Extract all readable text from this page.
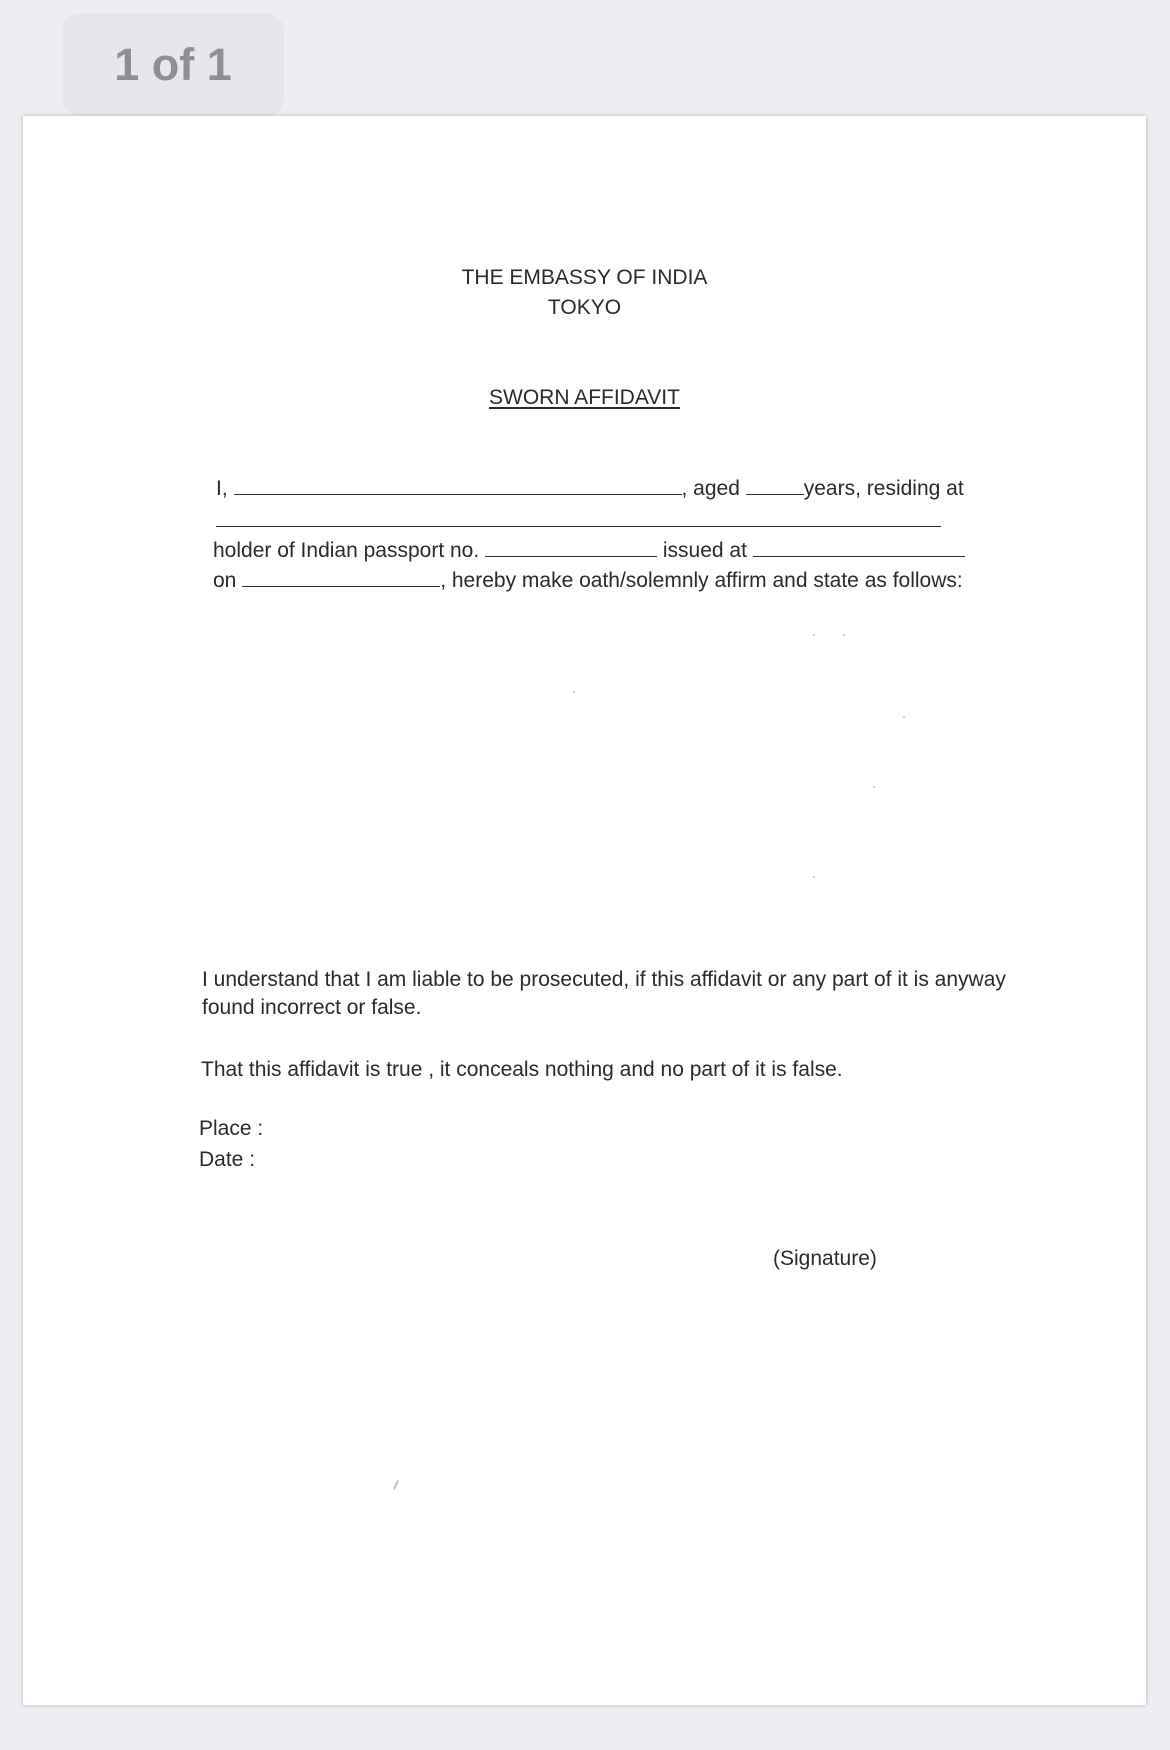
1 of 1
THE EMBASSY OF INDIA
TOKYO
SWORN AFFIDAVIT
I,	, aged	years, residing at
holder of Indian passport no.	issued at
on	, hereby make oath/solemnly affirm and state as follows:
I understand that I am liable to be prosecuted, if this affidavit or any part of it is anyway
found incorrect or false.
That this affidavit is true , it conceals nothing and no part of it is false.
Place :
Date :
(Signature)
